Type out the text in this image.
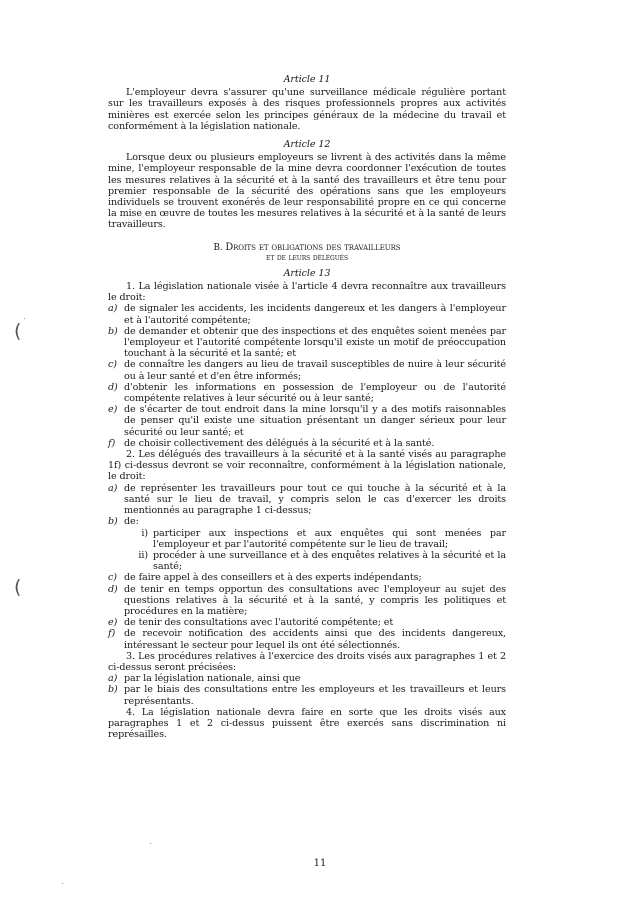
(
(

Article 11

L'employeur devra s'assurer qu'une surveillance médicale régulière portant sur les travailleurs exposés à des risques professionnels propres aux activités minières est exercée selon les principes généraux de la médecine du travail et conformément à la législation nationale.

Article 12

Lorsque deux ou plusieurs employeurs se livrent à des activités dans la même mine, l'employeur responsable de la mine devra coordonner l'exécution de toutes les mesures relatives à la sécurité et à la santé des travailleurs et être tenu pour premier responsable de la sécurité des opérations sans que les employeurs individuels se trouvent exonérés de leur responsabilité propre en ce qui concerne la mise en œuvre de toutes les mesures relatives à la sécurité et à la santé de leurs travailleurs.

B. Droits et obligations des travailleurs

et de leurs délégués

Article 13

1. La législation nationale visée à l'article 4 devra reconnaître aux travailleurs le droit:

a) de signaler les accidents, les incidents dangereux et les dangers à l'employeur et à l'autorité compétente;
b) de demander et obtenir que des inspections et des enquêtes soient menées par l'employeur et l'autorité compétente lorsqu'il existe un motif de préoccupation touchant à la sécurité et la santé; et
c) de connaître les dangers au lieu de travail susceptibles de nuire à leur sécurité ou à leur santé et d'en être informés;
d) d'obtenir les informations en possession de l'employeur ou de l'autorité compétente relatives à leur sécurité ou à leur santé;
e) de s'écarter de tout endroit dans la mine lorsqu'il y a des motifs raisonnables de penser qu'il existe une situation présentant un danger sérieux pour leur sécurité ou leur santé; et
f) de choisir collectivement des délégués à la sécurité et à la santé.

2. Les délégués des travailleurs à la sécurité et à la santé visés au paragraphe 1f) ci-dessus devront se voir reconnaître, conformément à la législation nationale, le droit:

a) de représenter les travailleurs pour tout ce qui touche à la sécurité et à la santé sur le lieu de travail, y compris selon le cas d'exercer les droits mentionnés au paragraphe 1 ci-dessus;
b) de:
i) participer aux inspections et aux enquêtes qui sont menées par l'employeur et par l'autorité compétente sur le lieu de travail;
ii) procéder à une surveillance et à des enquêtes relatives à la sécurité et la santé;
c) de faire appel à des conseillers et à des experts indépendants;
d) de tenir en temps opportun des consultations avec l'employeur au sujet des questions relatives à la sécurité et à la santé, y compris les politiques et procédures en la matière;
e) de tenir des consultations avec l'autorité compétente; et
f) de recevoir notification des accidents ainsi que des incidents dangereux, intéressant le secteur pour lequel ils ont été sélectionnés.

3. Les procédures relatives à l'exercice des droits visés aux paragraphes 1 et 2 ci-dessus seront précisées:

a) par la législation nationale, ainsi que
b) par le biais des consultations entre les employeurs et les travailleurs et leurs représentants.

4. La législation nationale devra faire en sorte que les droits visés aux paragraphes 1 et 2 ci-dessus puissent être exercés sans discrimination ni représailles.

11
